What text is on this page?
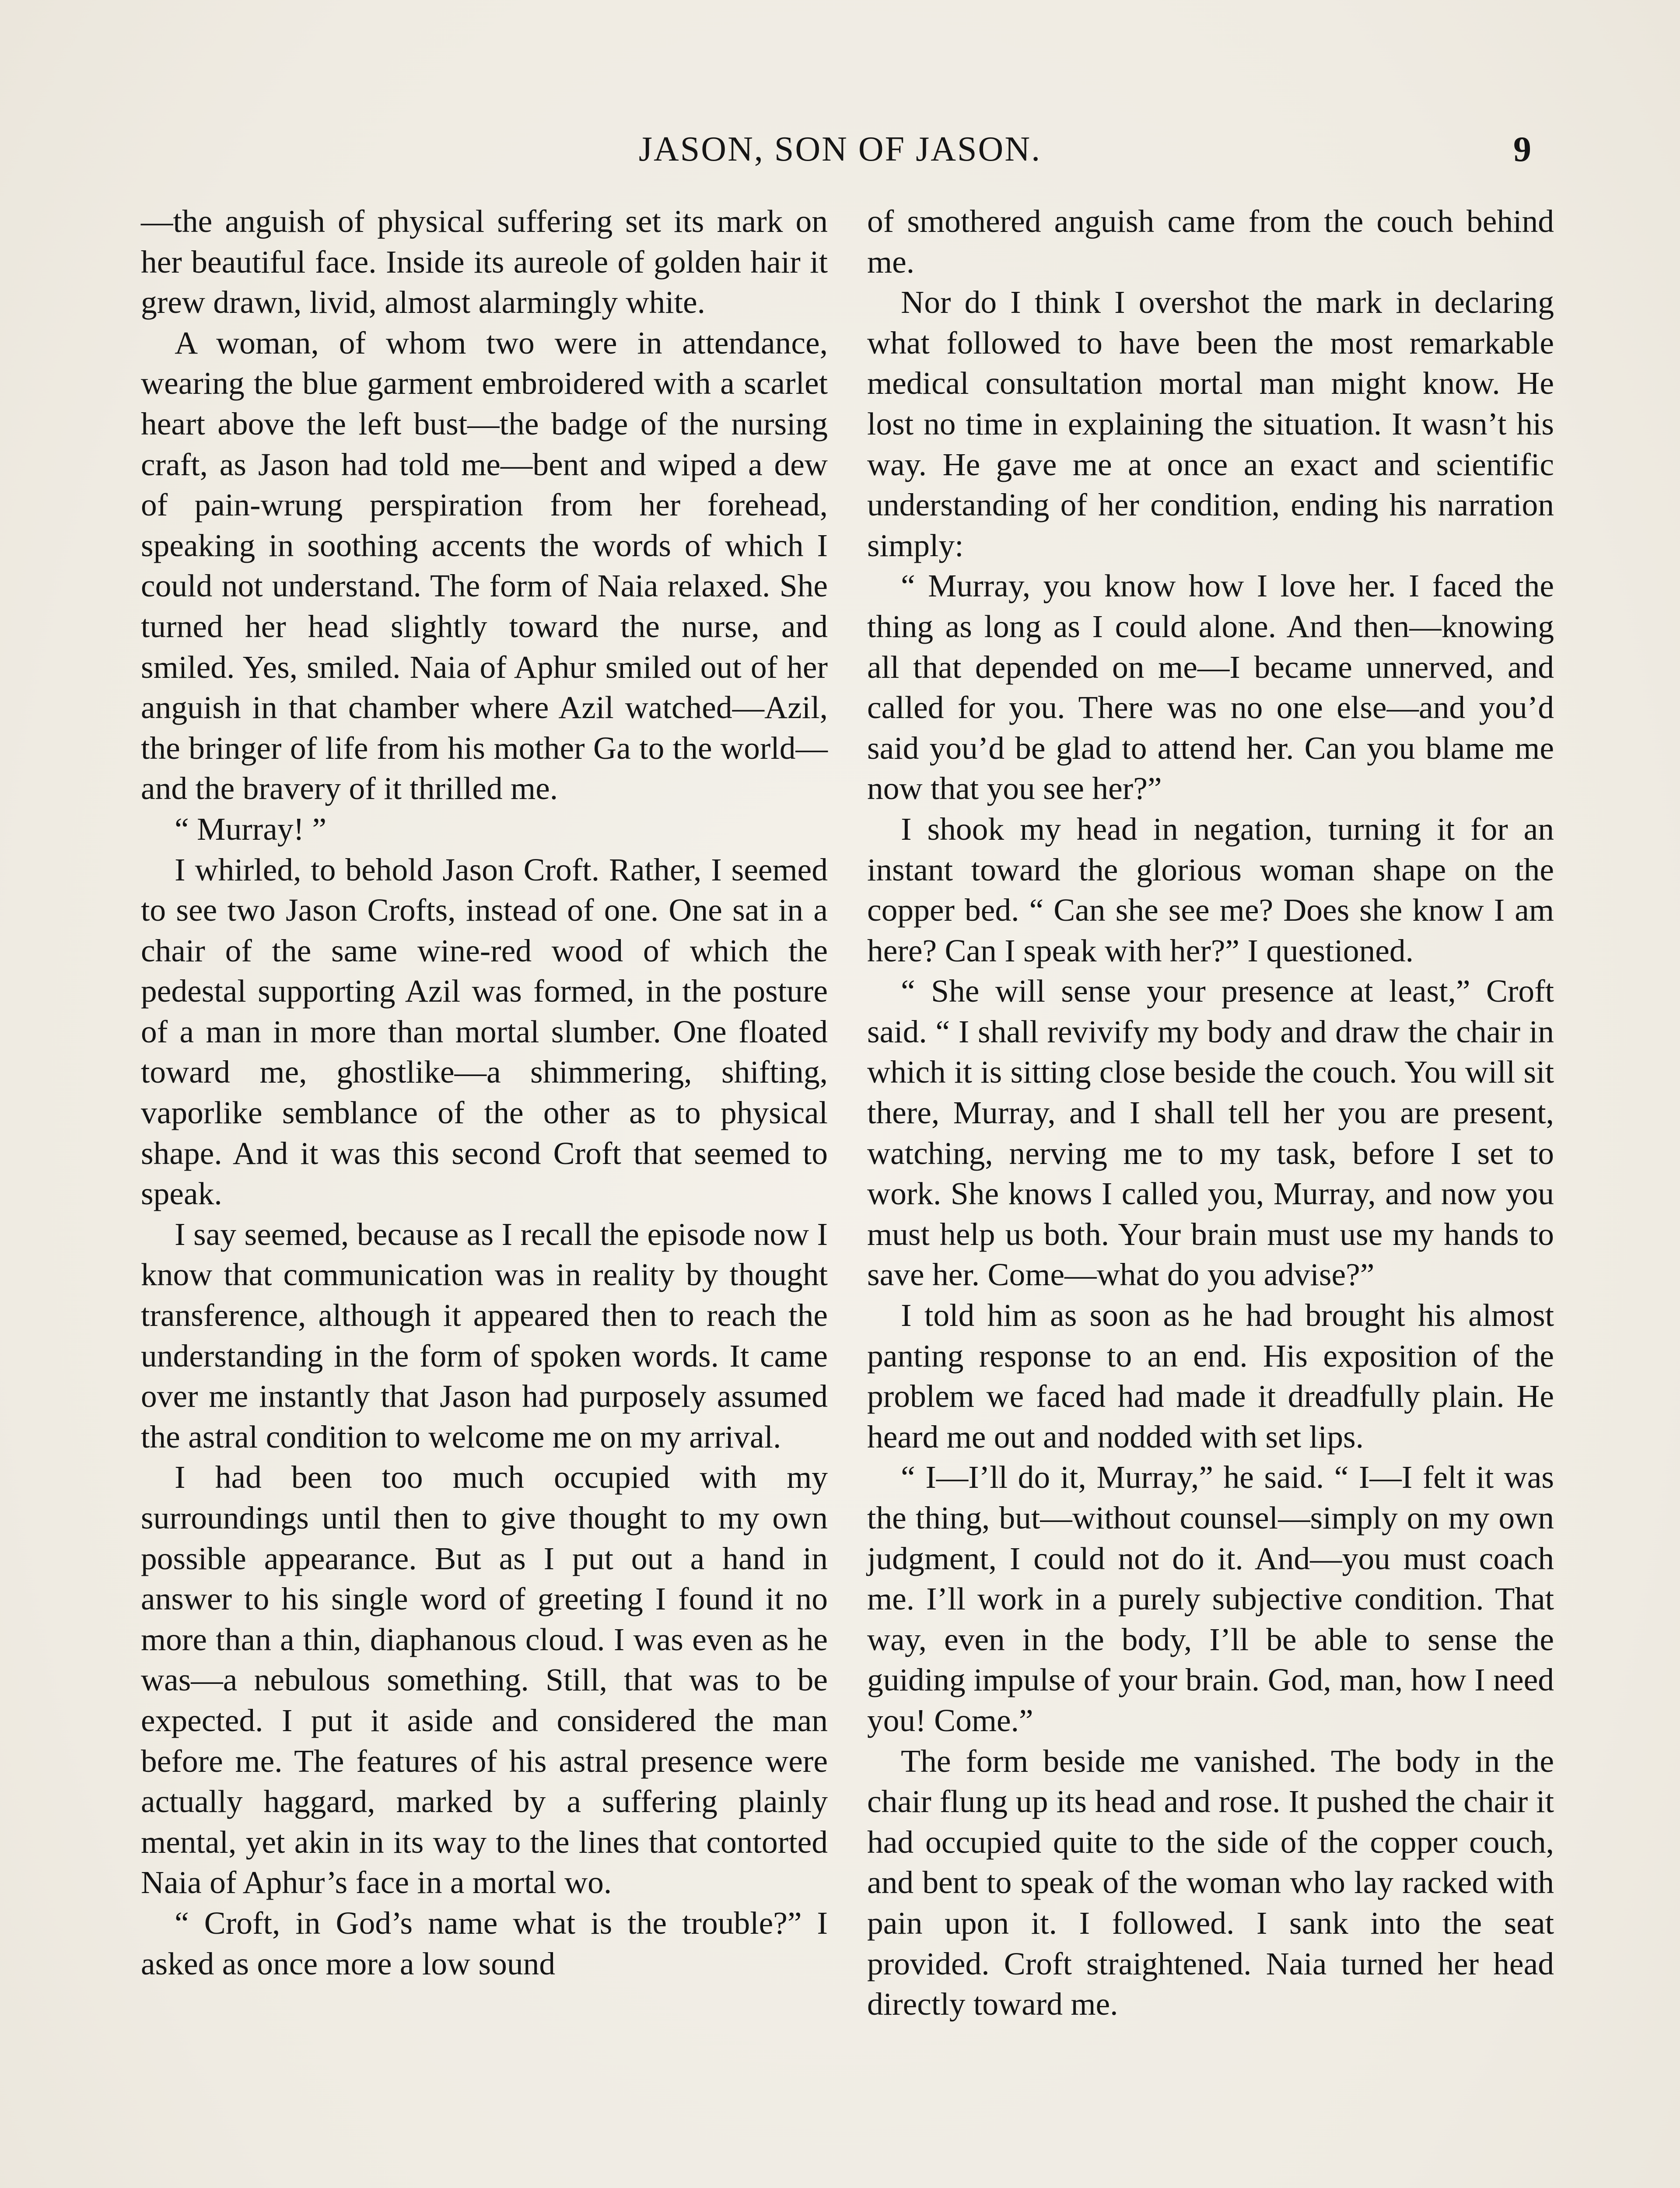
JASON, SON OF JASON.	9

—the anguish of physical suffering set its mark on her beautiful face. Inside its aureole of golden hair it grew drawn, livid, almost alarmingly white.

A woman, of whom two were in attendance, wearing the blue garment embroidered with a scarlet heart above the left bust—the badge of the nursing craft, as Jason had told me—bent and wiped a dew of pain-wrung perspiration from her forehead, speaking in soothing accents the words of which I could not understand. The form of Naia relaxed. She turned her head slightly toward the nurse, and smiled. Yes, smiled. Naia of Aphur smiled out of her anguish in that chamber where Azil watched—Azil, the bringer of life from his mother Ga to the world—and the bravery of it thrilled me.

“ Murray! ”

I whirled, to behold Jason Croft. Rather, I seemed to see two Jason Crofts, instead of one. One sat in a chair of the same wine-red wood of which the pedestal supporting Azil was formed, in the posture of a man in more than mortal slumber. One floated toward me, ghostlike—a shimmering, shifting, vaporlike semblance of the other as to physical shape. And it was this second Croft that seemed to speak.

I say seemed, because as I recall the episode now I know that communication was in reality by thought transference, although it appeared then to reach the understanding in the form of spoken words. It came over me instantly that Jason had purposely assumed the astral condition to welcome me on my arrival.

I had been too much occupied with my surroundings until then to give thought to my own possible appearance. But as I put out a hand in answer to his single word of greeting I found it no more than a thin, diaphanous cloud. I was even as he was—a nebulous something. Still, that was to be expected. I put it aside and considered the man before me. The features of his astral presence were actually haggard, marked by a suffering plainly mental, yet akin in its way to the lines that contorted Naia of Aphur’s face in a mortal wo.

“ Croft, in God’s name what is the trouble?” I asked as once more a low sound

of smothered anguish came from the couch behind me.

Nor do I think I overshot the mark in declaring what followed to have been the most remarkable medical consultation mortal man might know. He lost no time in explaining the situation. It wasn’t his way. He gave me at once an exact and scientific understanding of her condition, ending his narration simply:

“ Murray, you know how I love her. I faced the thing as long as I could alone. And then—knowing all that depended on me—I became unnerved, and called for you. There was no one else—and you’d said you’d be glad to attend her. Can you blame me now that you see her?”

I shook my head in negation, turning it for an instant toward the glorious woman shape on the copper bed. “ Can she see me? Does she know I am here? Can I speak with her?” I questioned.

“ She will sense your presence at least,” Croft said. “ I shall revivify my body and draw the chair in which it is sitting close beside the couch. You will sit there, Murray, and I shall tell her you are present, watching, nerving me to my task, before I set to work. She knows I called you, Murray, and now you must help us both. Your brain must use my hands to save her. Come—what do you advise?”

I told him as soon as he had brought his almost panting response to an end. His exposition of the problem we faced had made it dreadfully plain. He heard me out and nodded with set lips.

“ I—I’ll do it, Murray,” he said. “ I—I felt it was the thing, but—without counsel—simply on my own judgment, I could not do it. And—you must coach me. I’ll work in a purely subjective condition. That way, even in the body, I’ll be able to sense the guiding impulse of your brain. God, man, how I need you! Come.”

The form beside me vanished. The body in the chair flung up its head and rose. It pushed the chair it had occupied quite to the side of the copper couch, and bent to speak of the woman who lay racked with pain upon it. I followed. I sank into the seat provided. Croft straightened. Naia turned her head directly toward me.
